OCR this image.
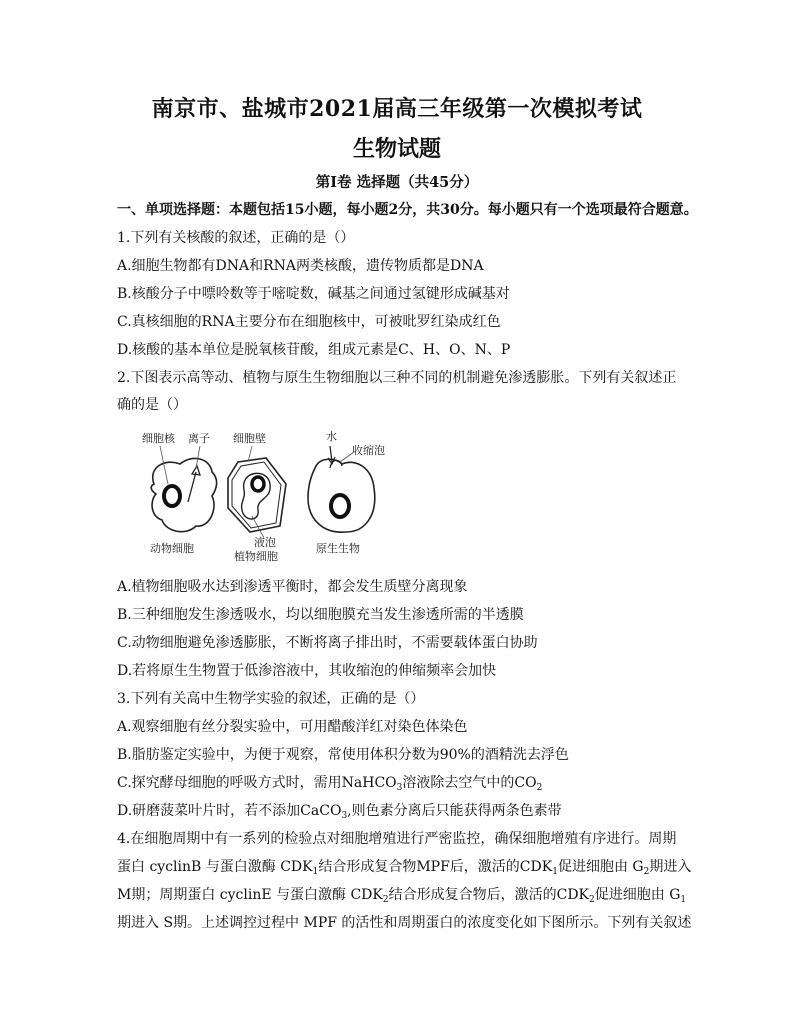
南京市、盐城市2021届高三年级第一次模拟考试
生物试题
第Ⅰ卷 选择题（共45分）
一、单项选择题：本题包括15小题，每小题2分，共30分。每小题只有一个选项最符合题意。
1.下列有关核酸的叙述，正确的是（）
A.细胞生物都有DNA和RNA两类核酸，遗传物质都是DNA
B.核酸分子中嘌呤数等于嘧啶数，碱基之间通过氢键形成碱基对
C.真核细胞的RNA主要分布在细胞核中，可被吡罗红染成红色
D.核酸的基本单位是脱氧核苷酸，组成元素是C、H、O、N、P
2.下图表示高等动、植物与原生生物细胞以三种不同的机制避免渗透膨胀。下列有关叙述正
确的是（）
细胞核 离子 细胞壁	水
收缩泡
动物细胞	液泡
植物细胞
原生生物
A.植物细胞吸水达到渗透平衡时，都会发生质壁分离现象
B.三种细胞发生渗透吸水，均以细胞膜充当发生渗透所需的半透膜
C.动物细胞避免渗透膨胀，不断将离子排出时，不需要载体蛋白协助
D.若将原生生物置于低渗溶液中，其收缩泡的伸缩频率会加快
3.下列有关高中生物学实验的叙述，正确的是（）
A.观察细胞有丝分裂实验中，可用醋酸洋红对染色体染色
B.脂肪鉴定实验中，为便于观察，常使用体积分数为90%的酒精洗去浮色
C.探究酵母细胞的呼吸方式时，需用NaHCO$_3$溶液除去空气中的$CO_2$
D.研磨菠菜叶片时，若不添加CaCO$_3$,则色素分离后只能获得两条色素带
4.在细胞周期中有一系列的检验点对细胞增殖进行严密监控，确保细胞增殖有序进行。周期
蛋白 cyclinB 与蛋白激酶 $CDK_1$结合形成复合物MPF后，激活的$CDK_1$促进细胞由 $G_2$期进入
M期；周期蛋白 cyclinE 与蛋白激酶 $CDK_2$结合形成复合物后，激活的$CDK_2$促进细胞由 $G_1$
期进入 S期。上述调控过程中 MPF 的活性和周期蛋白的浓度变化如下图所示。下列有关叙述
